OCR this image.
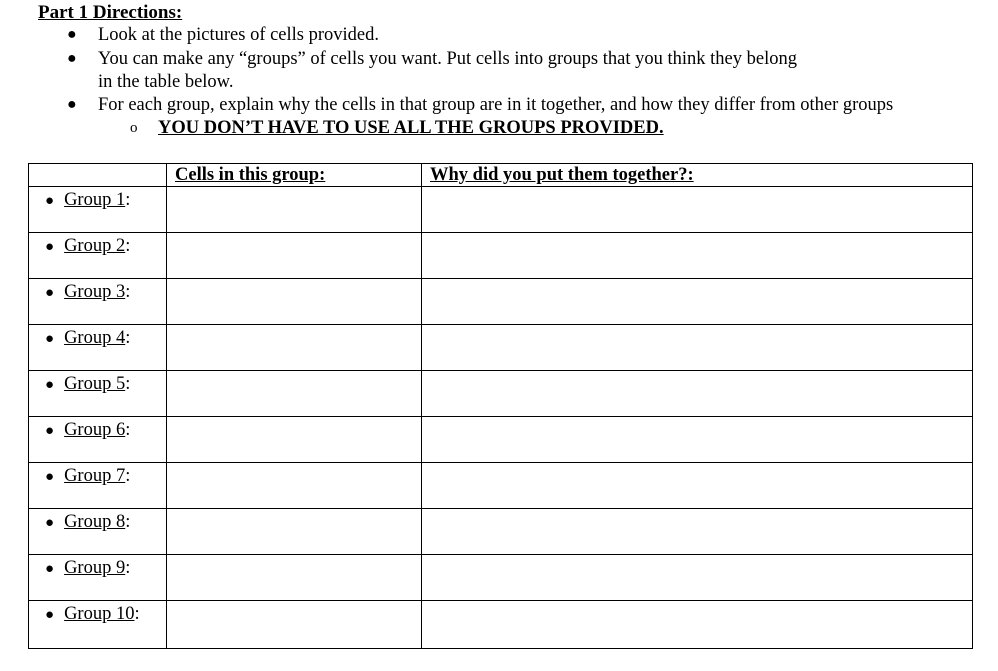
Part 1 Directions:
● Look at the pictures of cells provided.
● You can make any “groups” of cells you want. Put cells into groups that you think they belong
in the table below.
● For each group, explain why the cells in that group are in it together, and how they differ from other groups
o YOU DON’T HAVE TO USE ALL THE GROUPS PROVIDED.

	Cells in this group:	Why did you put them together?:

● Group 1:		

● Group 2:		

● Group 3:		

● Group 4:		

● Group 5:		

● Group 6:		

● Group 7:		

● Group 8:		

● Group 9:		

● Group 10:		
